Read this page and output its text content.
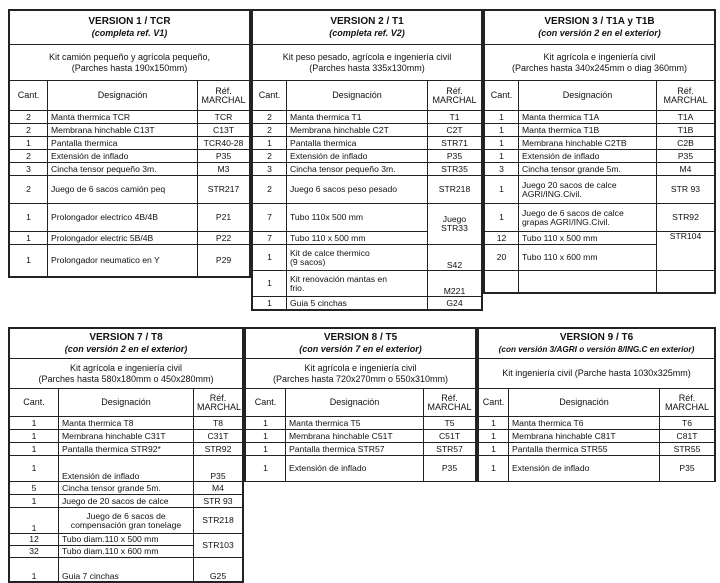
VERSION 1 / TCR
(completa ref. V1)		

Kit camión pequeño y agrícola pequeño,
(Parches hasta 190x150mm)		

Cant.	Designación	Réf.
MARCHAL

2	Manta thermica TCR	TCR
2	Membrana hinchable C13T	C13T
1	Pantalla thermica	TCR40-28
2	Extensión de inflado	P35
3	Cincha tensor pequeño 3m.	M3
2	Juego de 6 sacos camión peq	STR217
1	Prolongador electrico 4B/4B	P21
1	Prolongador electric 5B/4B	P22
1	Prolongador neumatico en Y	P29
VERSION 2 / T1
(completa ref. V2)		

Kit peso pesado, agrícola e ingeniería civil
(Parches hasta 335x130mm)		

Cant.	Designación	Réf.
MARCHAL

2	Manta thermica T1	T1
2	Membrana hinchable C2T	C2T
1	Pantalla thermica	STR71
2	Extensión de inflado	P35
3	Cincha tensor pequeño 3m.	STR35
2	Juego 6 sacos peso pesado	STR218
7	Tubo 110x 500 mm	Juego STR33
7	Tubo 110 x 500 mm	
1	Kit de calce thermico
(9 sacos)	S42
1	Kit renovación mantas en
frio.	M221
1	Guia 5 cinchas	G24
VERSION 3 / T1A y T1B
(con versión 2 en el exterior)		

Kit agrícola e ingeniería civil
(Parches hasta 340x245mm o diag 360mm)		

Cant.	Designación	Réf.
MARCHAL

1	Manta thermica T1A	T1A
1	Manta thermica T1B	T1B
1	Membrana hinchable C2TB	C2B
1	Extensión de inflado	P35
3	Cincha tensor grande 5m.	M4
1	Juego 20 sacos de calce
AGRI/ING.Civil.	STR 93
1	Juego de 6 sacos de calce
grapas AGRI/ING.Civil.	STR92
12	Tubo 110 x 500 mm	STR104
20	Tubo 110 x 600 mm	

VERSION 7 / T8
(con versión 2 en el exterior)		

Kit agrícola e ingeniería civil
(Parches hasta 580x180mm o 450x280mm)		

Cant.	Designación	Réf.
MARCHAL

1	Manta thermica T8	T8
1	Membrana hinchable C31T	C31T
1	Pantalla thermica STR92*	STR92
1	Extensión de inflado	P35
5	Cincha tensor grande 5m.	M4
1	Juego de 20 sacos de calce	STR 93
1	Juego de 6 sacos de
compensación gran tonelage	STR218
12	Tubo diam.110 x 500 mm	STR103
32	Tubo diam.110 x 600 mm	
1	Guia 7 cinchas	G25
VERSION 8 / T5
(con versión 7 en el exterior)		

Kit agrícola e ingeniería civil
(Parches hasta 720x270mm o 550x310mm)		

Cant.	Designación	Réf.
MARCHAL

1	Manta thermica T5	T5
1	Membrana hinchable C51T	C51T
1	Pantalla thermica STR57	STR57
1	Extensión de inflado	P35
VERSION 9 / T6
(con versión 3/AGRI o versión 8/ING.C en exterior)		

Kit ingeniería civil (Parche hasta 1030x325mm)		

Cant.	Designación	Réf.
MARCHAL

1	Manta thermica T6	T6
1	Membrana hinchable C81T	C81T
1	Pantalla thermica STR55	STR55
1	Extensión de inflado	P35
